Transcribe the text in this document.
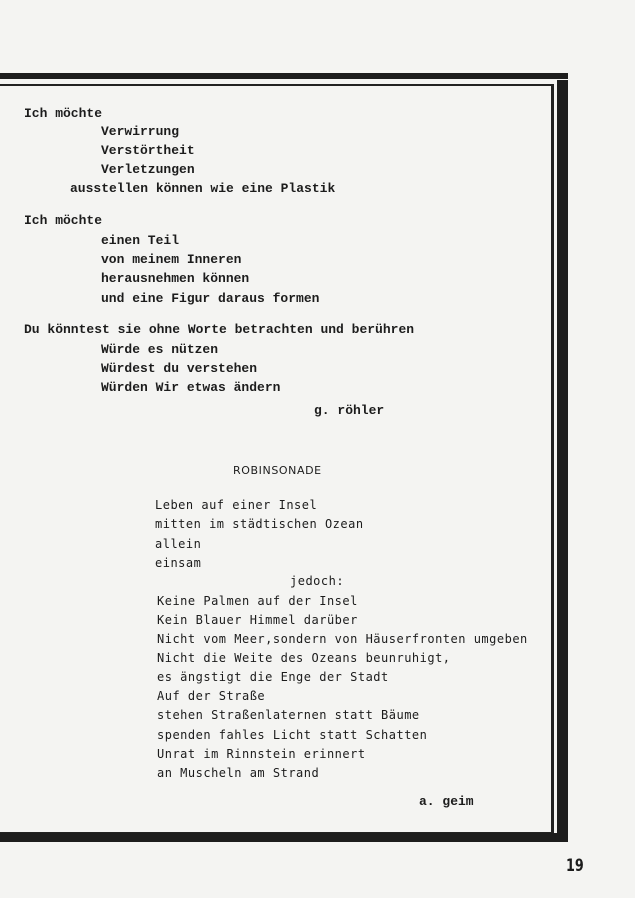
Ich möchte
Verwirrung
Verstörtheit
Verletzungen
ausstellen können wie eine Plastik
Ich möchte
einen Teil
von meinem Inneren
herausnehmen können
und eine Figur daraus formen
Du könntest sie ohne Worte betrachten und berühren
Würde es nützen
Würdest du verstehen
Würden Wir etwas ändern
g. röhler
ROBINSONADE
Leben auf einer Insel
mitten im städtischen Ozean
allein
einsam
jedoch:
Keine Palmen auf der Insel
Kein Blauer Himmel darüber
Nicht vom Meer,sondern von Häuserfronten umgeben
Nicht die Weite des Ozeans beunruhigt,
es ängstigt die Enge der Stadt
Auf der Straße
stehen Straßenlaternen statt Bäume
spenden fahles Licht statt Schatten
Unrat im Rinnstein erinnert
an Muscheln am Strand
a. geim
19
